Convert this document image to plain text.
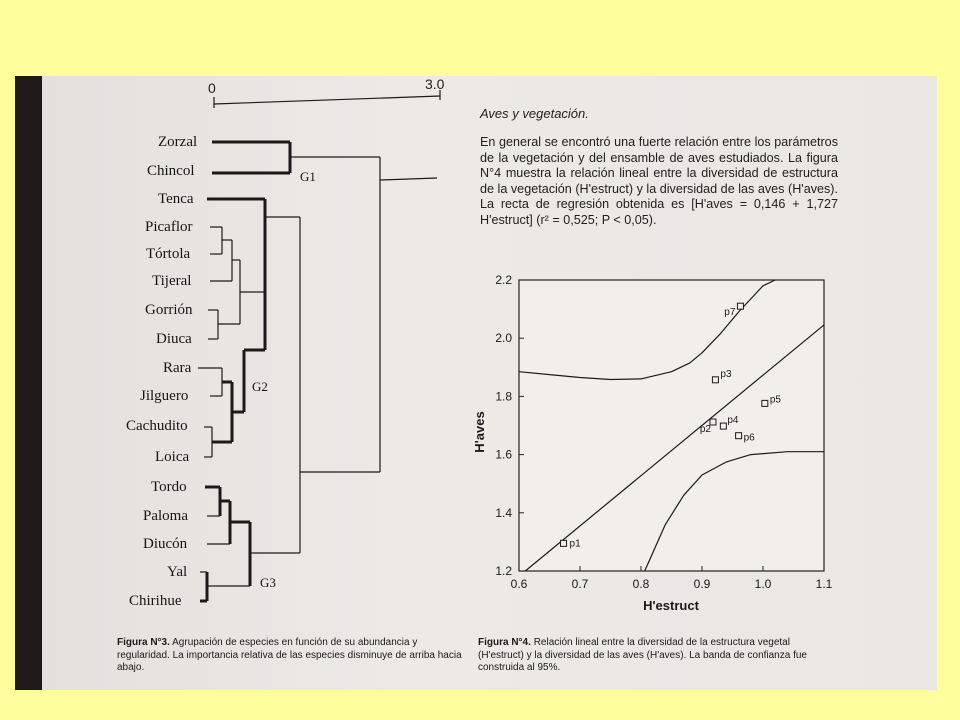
0	3.0
Zorzal
Chincol
Tenca
Picaflor
Tórtola
Tijeral
Gorrión
Diuca
Rara
Jilguero
Cachudito
Loica
Tordo
Paloma
Diucón
Yal
Chirihue
G1
G2
G3
Aves y vegetación.
En general se encontró una fuerte relación entre los parámetros de la vegetación y del ensamble de aves estudiados. La figura N°4 muestra la relación lineal entre la diversidad de estructura de la vegetación (H'estruct) y la diversidad de las aves (H'aves). La recta de regresión obtenida es [H'aves = 0,146 + 1,727 H'estruct] (r² = 0,525; P < 0,05).
0.6	0.7	0.8	0.9	1.0	1.1
1.2
1.4
1.6
1.8
2.0
2.2
p1
p2
p3
p4
p5
p6
p7
H'estruct
H'aves
Figura N°3. Agrupación de especies en función de su abundancia y regularidad. La importancia relativa de las especies disminuye de arriba hacia abajo.
Figura N°4. Relación lineal entre la diversidad de la estructura vegetal (H'estruct) y la diversidad de las aves (H'aves). La banda de confianza fue construida al 95%.
